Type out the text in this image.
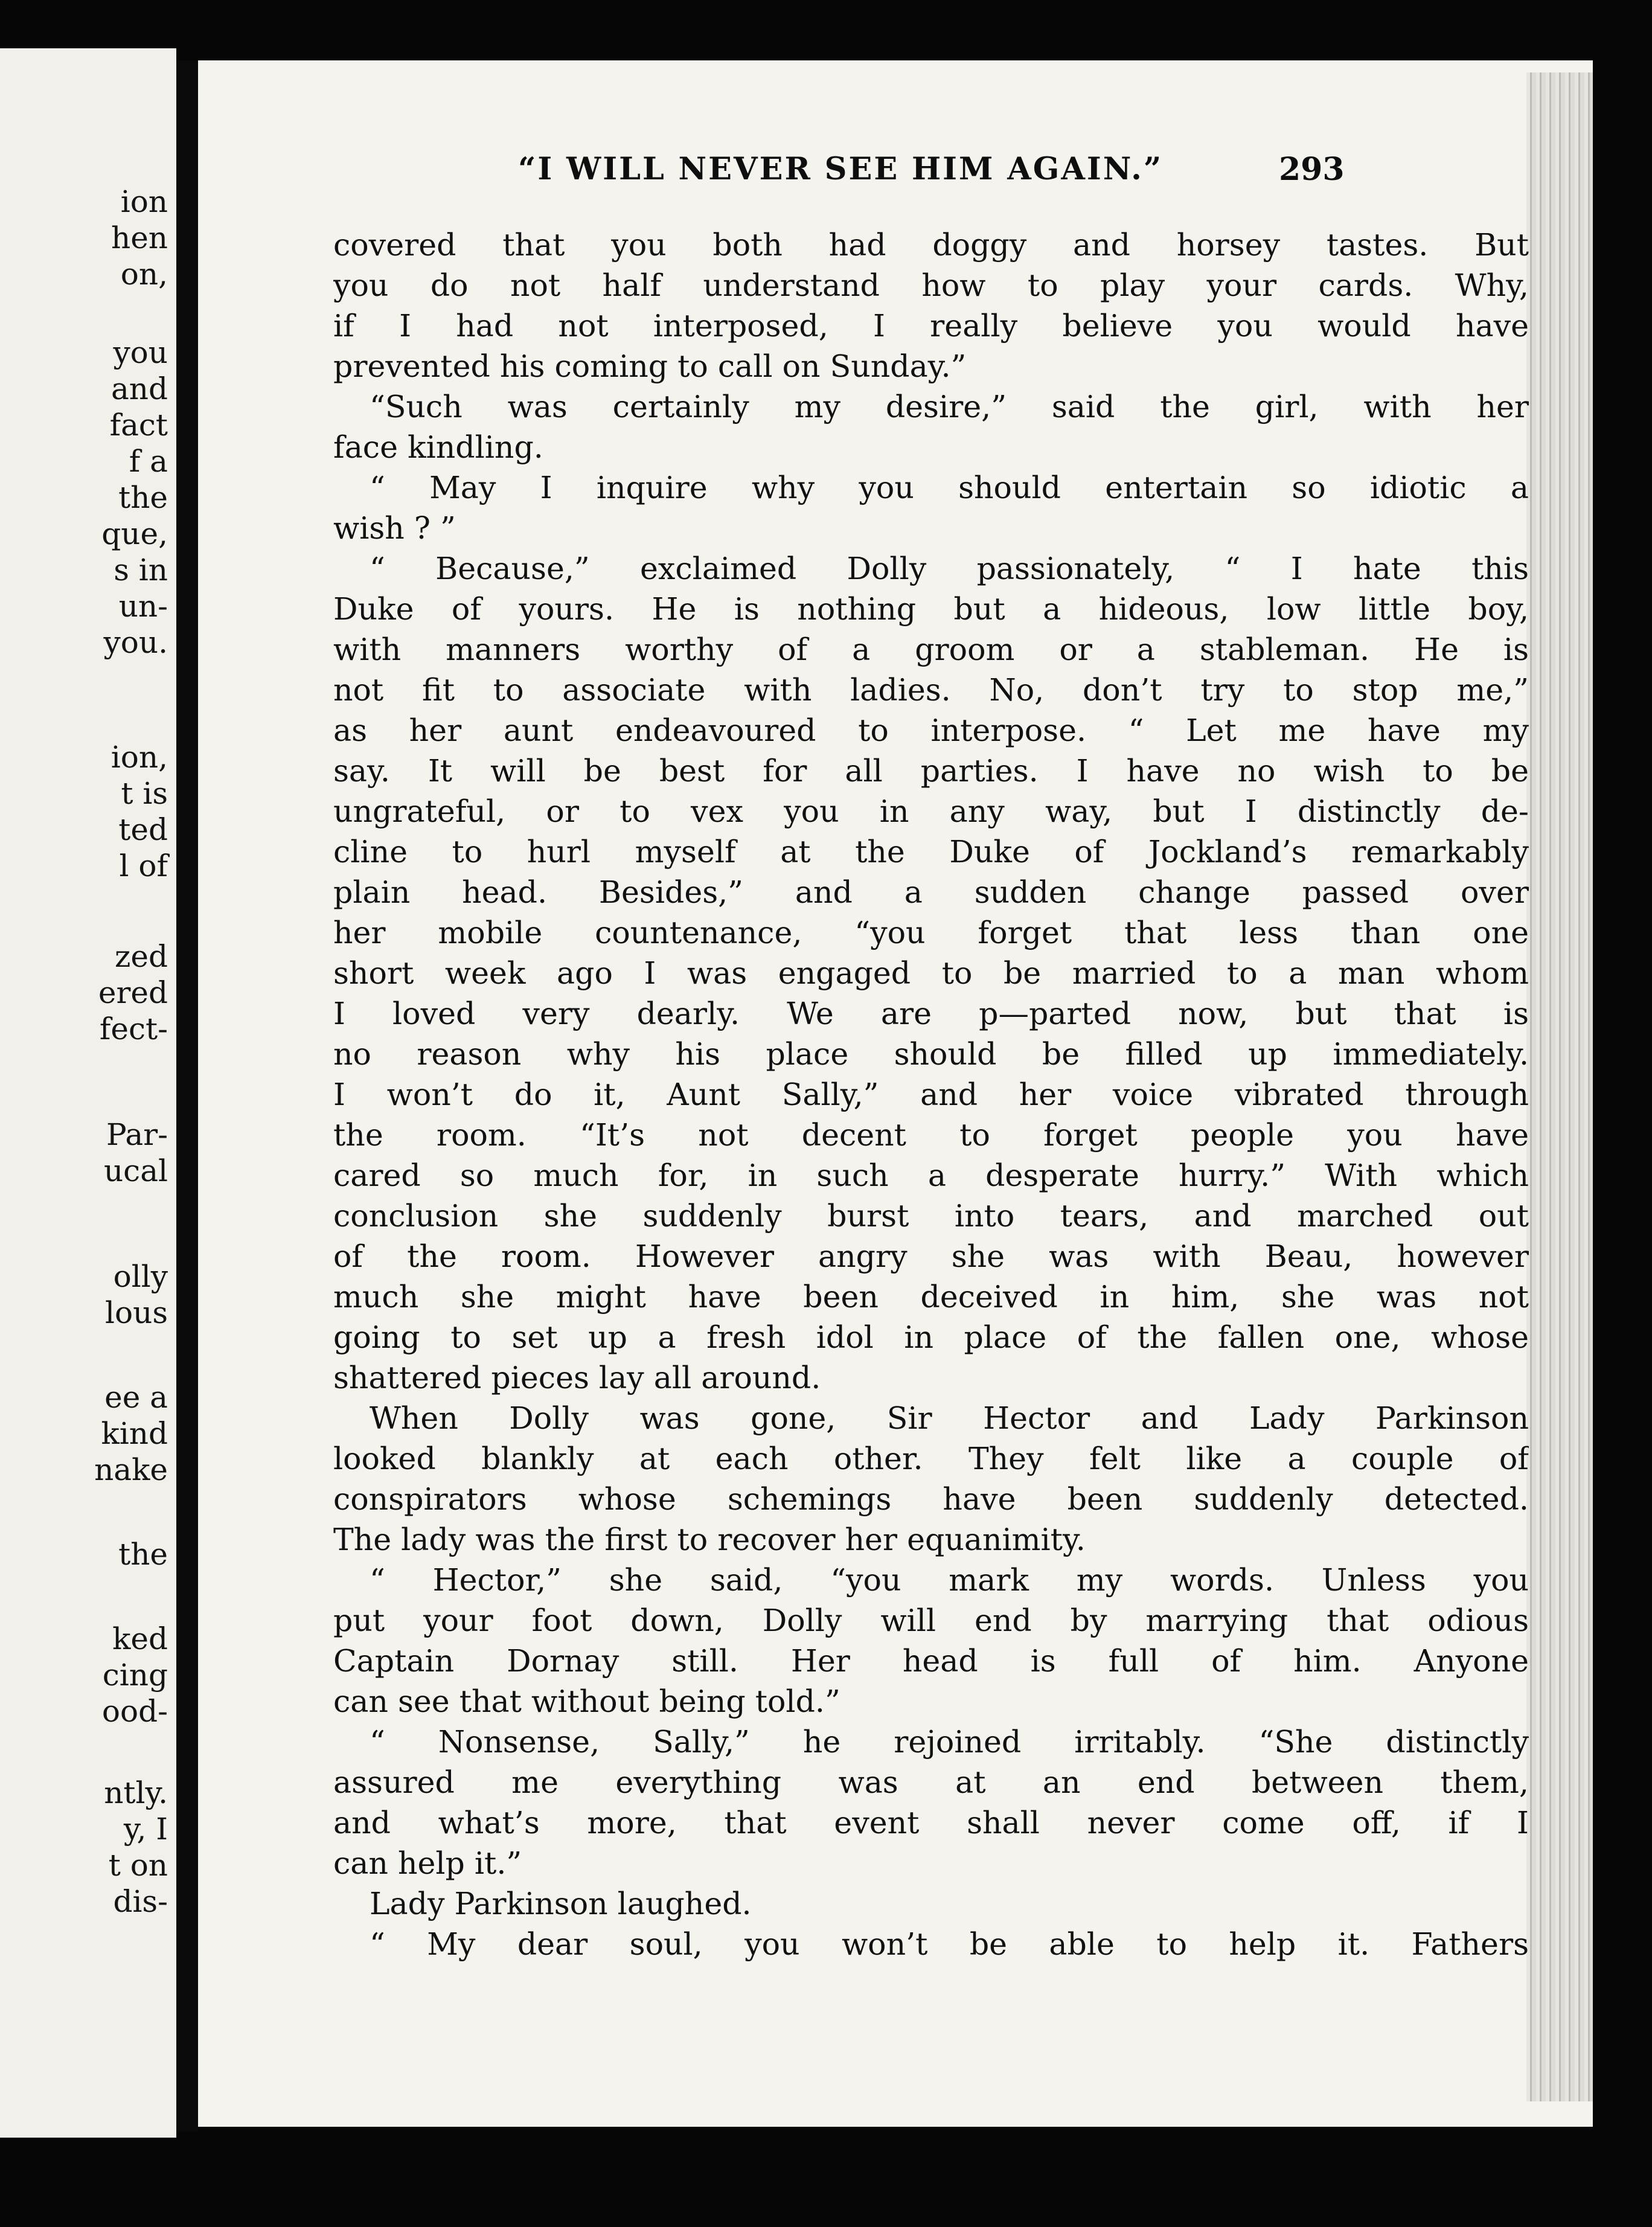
ion
hen
on,
you
and
fact
f a
the
que,
s in
un-
you.
ion,
t is
ted
l of
zed
ered
fect-
Par-
ucal
olly
lous
ee a
kind
nake
the
ked
cing
ood-
ntly.
y, I
t on
dis-
“I WILL NEVER SEE HIM AGAIN.”	293
covered that you both had doggy and horsey tastes. But
you do not half understand how to play your cards. Why,
if I had not interposed, I really believe you would have
prevented his coming to call on Sunday.”
“Such was certainly my desire,” said the girl, with her
face kindling.
“ May I inquire why you should entertain so idiotic a
wish ? ”
“ Because,” exclaimed Dolly passionately, “ I hate this
Duke of yours. He is nothing but a hideous, low little boy,
with manners worthy of a groom or a stableman. He is
not fit to associate with ladies. No, don’t try to stop me,”
as her aunt endeavoured to interpose. “ Let me have my
say. It will be best for all parties. I have no wish to be
ungrateful, or to vex you in any way, but I distinctly de-
cline to hurl myself at the Duke of Jockland’s remarkably
plain head. Besides,” and a sudden change passed over
her mobile countenance, “you forget that less than one
short week ago I was engaged to be married to a man whom
I loved very dearly. We are p—parted now, but that is
no reason why his place should be filled up immediately.
I won’t do it, Aunt Sally,” and her voice vibrated through
the room. “It’s not decent to forget people you have
cared so much for, in such a desperate hurry.” With which
conclusion she suddenly burst into tears, and marched out
of the room. However angry she was with Beau, however
much she might have been deceived in him, she was not
going to set up a fresh idol in place of the fallen one, whose
shattered pieces lay all around.
When Dolly was gone, Sir Hector and Lady Parkinson
looked blankly at each other. They felt like a couple of
conspirators whose schemings have been suddenly detected.
The lady was the first to recover her equanimity.
“ Hector,” she said, “you mark my words. Unless you
put your foot down, Dolly will end by marrying that odious
Captain Dornay still. Her head is full of him. Anyone
can see that without being told.”
“ Nonsense, Sally,” he rejoined irritably. “She distinctly
assured me everything was at an end between them,
and what’s more, that event shall never come off, if I
can help it.”
Lady Parkinson laughed.
“ My dear soul, you won’t be able to help it. Fathers
